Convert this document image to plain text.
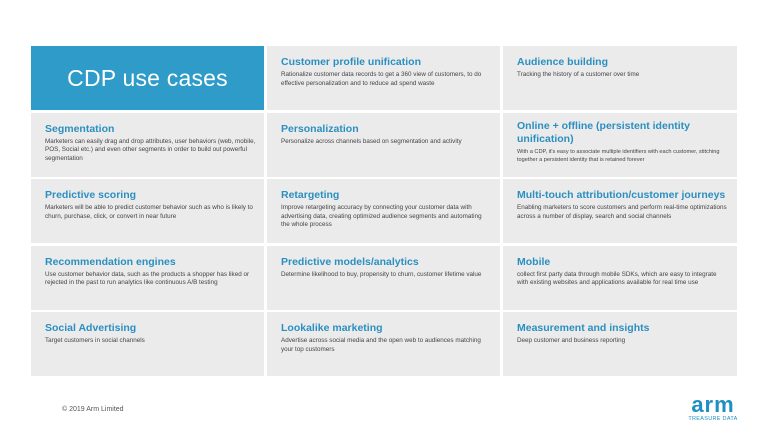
CDP use cases
Customer profile unification
Rationalize customer data records to get a 360 view of customers, to do effective personalization and to reduce ad spend waste
Audience building
Tracking the history of a customer over time
Segmentation
Marketers can easily drag and drop attributes, user behaviors (web, mobile, POS, Social etc.) and even other segments in order to build out powerful segmentation
Personalization
Personalize across channels based on segmentation and activity
Online + offline (persistent identity unification)
With a CDP, it's easy to associate multiple identifiers with each customer, stitching together a persistent identity that is retained forever
Predictive scoring
Marketers will be able to predict customer behavior such as who is likely to churn, purchase, click, or convert in near future
Retargeting
Improve retargeting accuracy by connecting your customer data with advertising data, creating optimized audience segments and automating the whole process
Multi-touch attribution/customer journeys
Enabling marketers to score customers and perform real-time optimizations across a number of display, search and social channels
Recommendation engines
Use customer behavior data, such as the products a shopper has liked or rejected in the past to run analytics like continuous A/B testing
Predictive models/analytics
Determine likelihood to buy, propensity to churn, customer lifetime value
Mobile
collect first party data through mobile SDKs, which are easy to integrate with existing websites and applications available for real time use
Social Advertising
Target customers in social channels
Lookalike marketing
Advertise across social media and the open web to audiences matching your top customers
Measurement and insights
Deep customer and business reporting
© 2019 Arm Limited	arm
TREASURE DATA
